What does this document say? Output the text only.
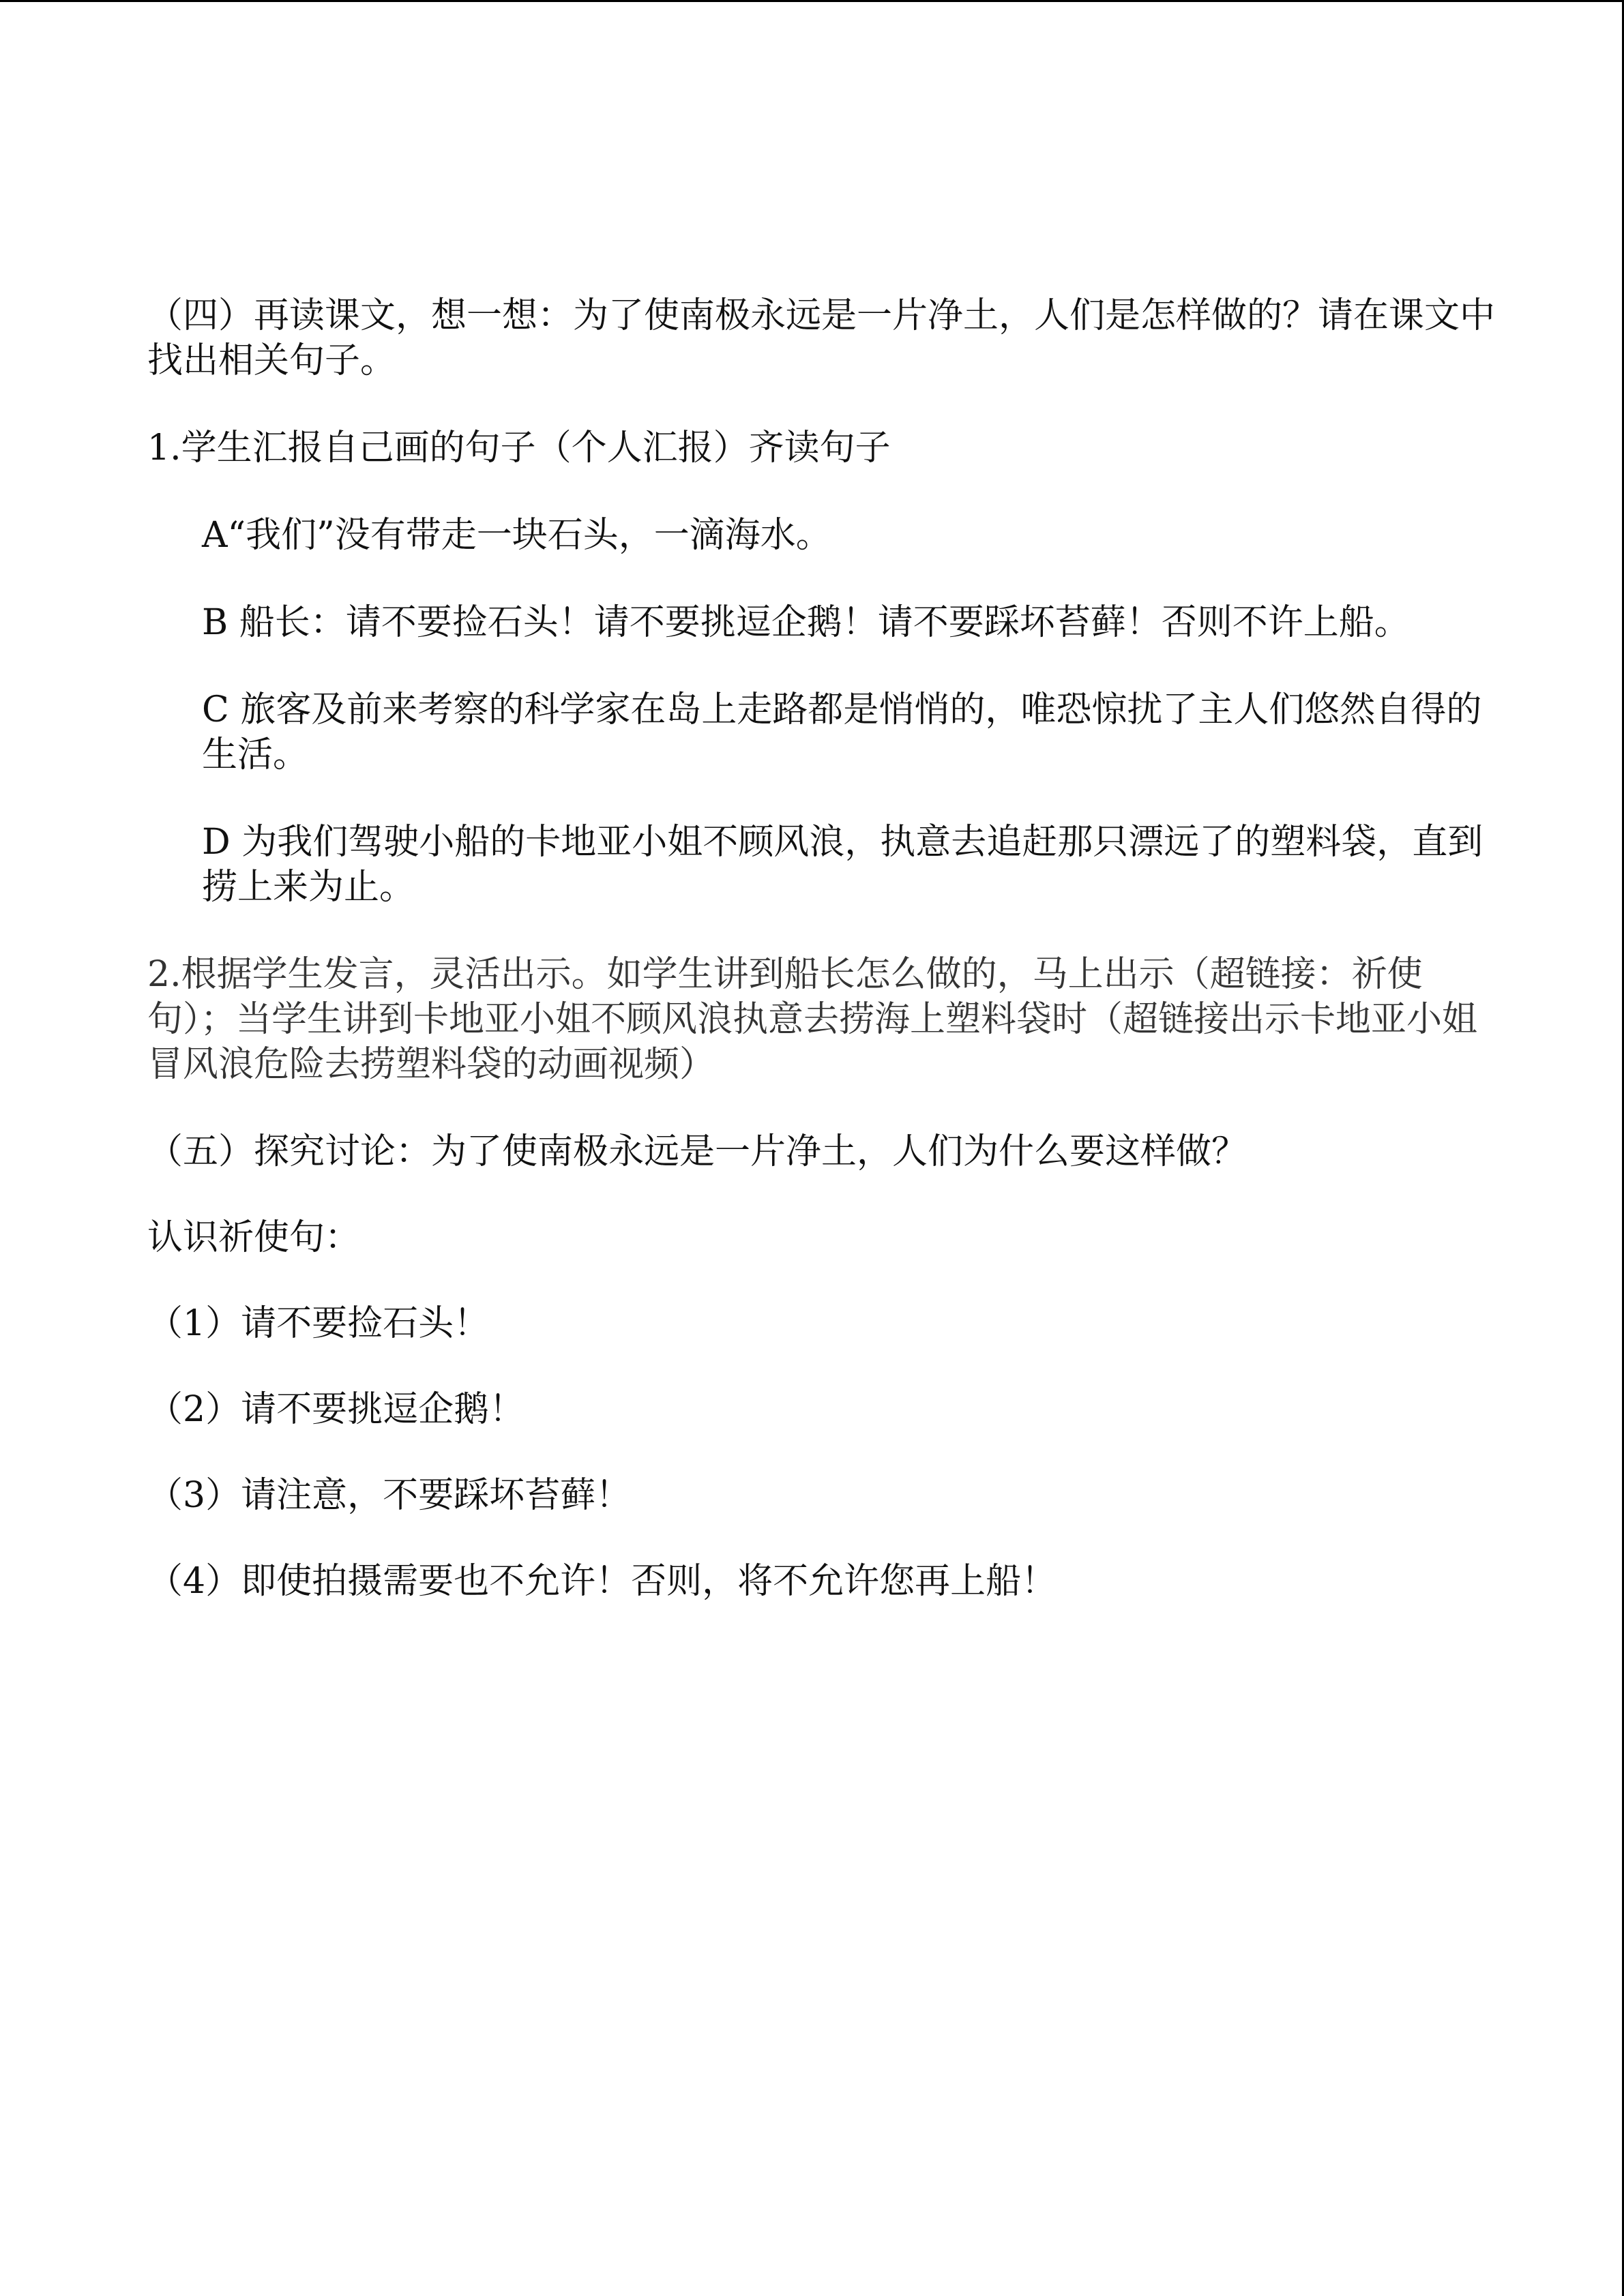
（四）再读课文，想一想：为了使南极永远是一片净土，人们是怎样做的？请在课文中找出相关句子。

1.学生汇报自己画的句子（个人汇报）齐读句子

A“我们”没有带走一块石头，一滴海水。

B 船长：请不要捡石头！请不要挑逗企鹅！请不要踩坏苔藓！否则不许上船。

C 旅客及前来考察的科学家在岛上走路都是悄悄的，唯恐惊扰了主人们悠然自得的生活。

D 为我们驾驶小船的卡地亚小姐不顾风浪，执意去追赶那只漂远了的塑料袋，直到捞上来为止。

2.根据学生发言，灵活出示。如学生讲到船长怎么做的，马上出示（超链接：祈使句）；当学生讲到卡地亚小姐不顾风浪执意去捞海上塑料袋时（超链接出示卡地亚小姐冒风浪危险去捞塑料袋的动画视频）

（五）探究讨论：为了使南极永远是一片净土，人们为什么要这样做？

认识祈使句：

（1）请不要捡石头！

（2）请不要挑逗企鹅！

（3）请注意，不要踩坏苔藓！

（4）即使拍摄需要也不允许！否则，将不允许您再上船！
